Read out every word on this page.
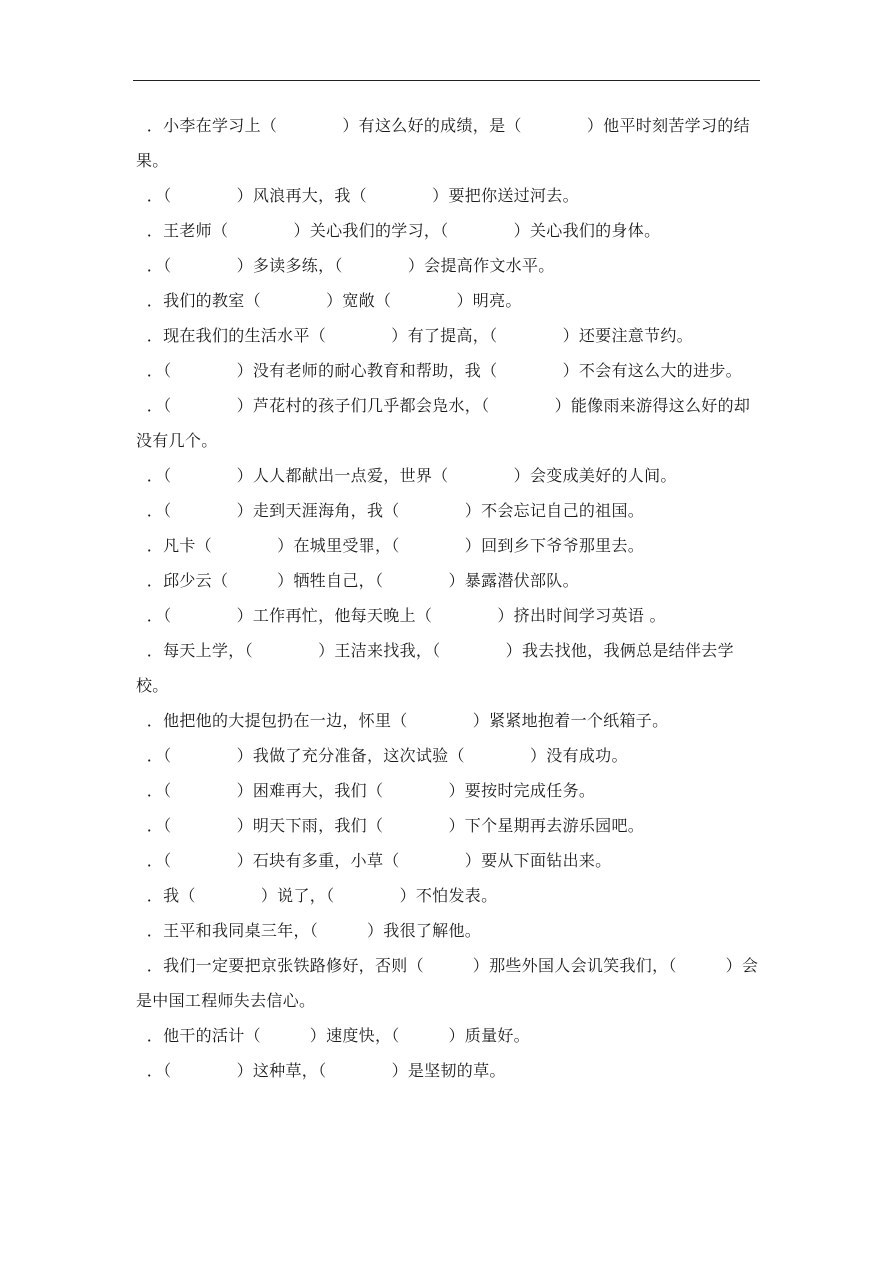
．小李在学习上（　　　　）有这么好的成绩，是（　　　　）他平时刻苦学习的结果。
．（　　　　）风浪再大，我（　　　　）要把你送过河去。
．王老师（　　　　）关心我们的学习，（　　　　）关心我们的身体。
．（　　　　）多读多练，（　　　　）会提高作文水平。
．我们的教室（　　　　）宽敞（　　　　）明亮。
．现在我们的生活水平（　　　　）有了提高，（　　　　）还要注意节约。
．（　　　　）没有老师的耐心教育和帮助，我（　　　　）不会有这么大的进步。
．（　　　　）芦花村的孩子们几乎都会凫水，（　　　　）能像雨来游得这么好的却没有几个。
．（　　　　）人人都献出一点爱，世界（　　　　）会变成美好的人间。
．（　　　　）走到天涯海角，我（　　　　）不会忘记自己的祖国。
．凡卡（　　　　）在城里受罪，（　　　　）回到乡下爷爷那里去。
．邱少云（　　　）牺牲自己，（　　　　）暴露潜伏部队。
．（　　　　）工作再忙，他每天晚上（　　　　）挤出时间学习英语 。
．每天上学，（　　　　）王洁来找我，（　　　　）我去找他，我俩总是结伴去学校。
．他把他的大提包扔在一边，怀里（　　　　）紧紧地抱着一个纸箱子。
．（　　　　）我做了充分准备，这次试验（　　　　）没有成功。
．（　　　　）困难再大，我们（　　　　）要按时完成任务。
．（　　　　）明天下雨，我们（　　　　）下个星期再去游乐园吧。
．（　　　　）石块有多重，小草（　　　　）要从下面钻出来。
．我（　　　　）说了，（　　　　）不怕发表。
．王平和我同桌三年，（　　　）我很了解他。
．我们一定要把京张铁路修好，否则（　　　）那些外国人会讥笑我们，（　　　）会是中国工程师失去信心。
．他干的活计（　　　）速度快，（　　　）质量好。
．（　　　　）这种草，（　　　　）是坚韧的草。
